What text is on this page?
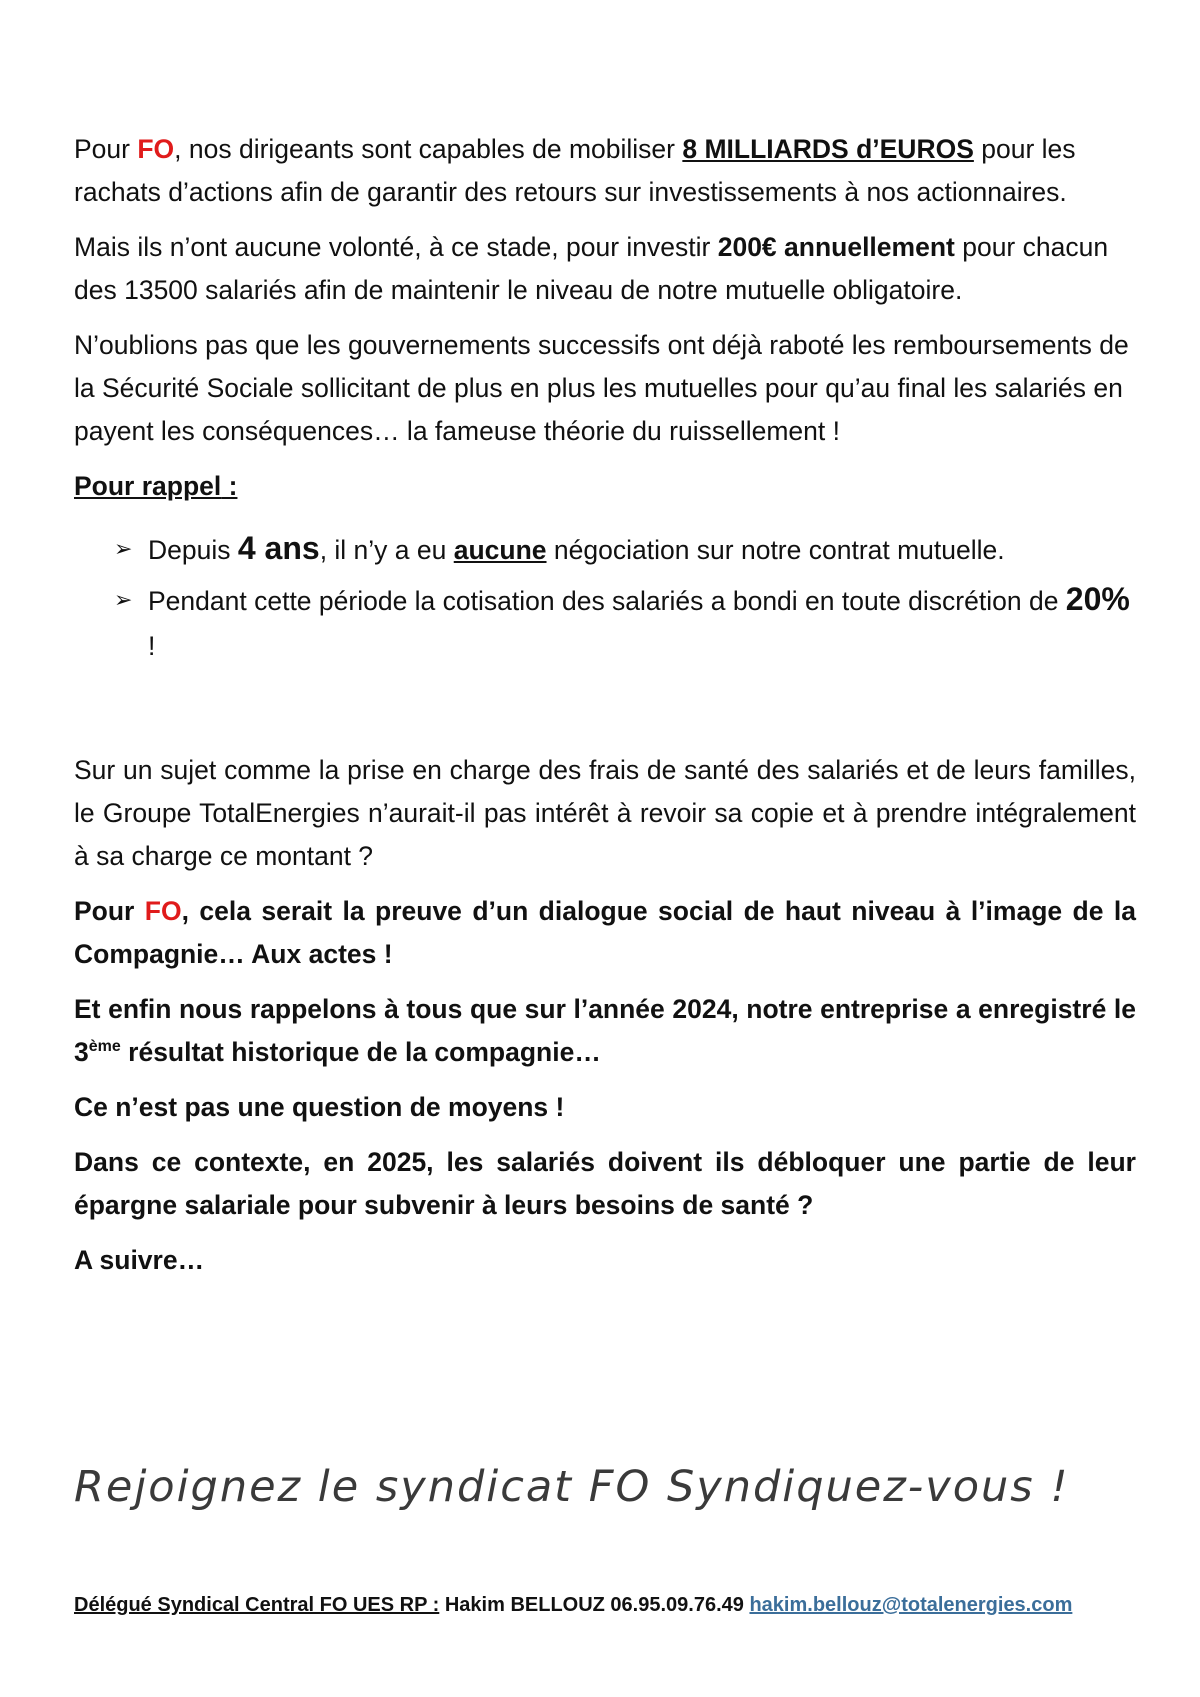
Pour FO, nos dirigeants sont capables de mobiliser 8 MILLIARDS d’EUROS pour les rachats d’actions afin de garantir des retours sur investissements à nos actionnaires.

Mais ils n’ont aucune volonté, à ce stade, pour investir 200€ annuellement pour chacun des 13500 salariés afin de maintenir le niveau de notre mutuelle obligatoire.

N’oublions pas que les gouvernements successifs ont déjà raboté les remboursements de la Sécurité Sociale sollicitant de plus en plus les mutuelles pour qu’au final les salariés en payent les conséquences… la fameuse théorie du ruissellement !

Pour rappel :

➢ Depuis 4 ans, il n’y a eu aucune négociation sur notre contrat mutuelle.
➢ Pendant cette période la cotisation des salariés a bondi en toute discrétion de 20% !

Sur un sujet comme la prise en charge des frais de santé des salariés et de leurs familles, le Groupe TotalEnergies n’aurait-il pas intérêt à revoir sa copie et à prendre intégralement à sa charge ce montant ?

Pour FO, cela serait la preuve d’un dialogue social de haut niveau à l’image de la Compagnie… Aux actes !

Et enfin nous rappelons à tous que sur l’année 2024, notre entreprise a enregistré le 3ème résultat historique de la compagnie…

Ce n’est pas une question de moyens !

Dans ce contexte, en 2025, les salariés doivent ils débloquer une partie de leur épargne salariale pour subvenir à leurs besoins de santé ?

A suivre…

Rejoignez le syndicat FO Syndiquez-vous !
Délégué Syndical Central FO UES RP : Hakim BELLOUZ 06.95.09.76.49 hakim.bellouz@totalenergies.com
